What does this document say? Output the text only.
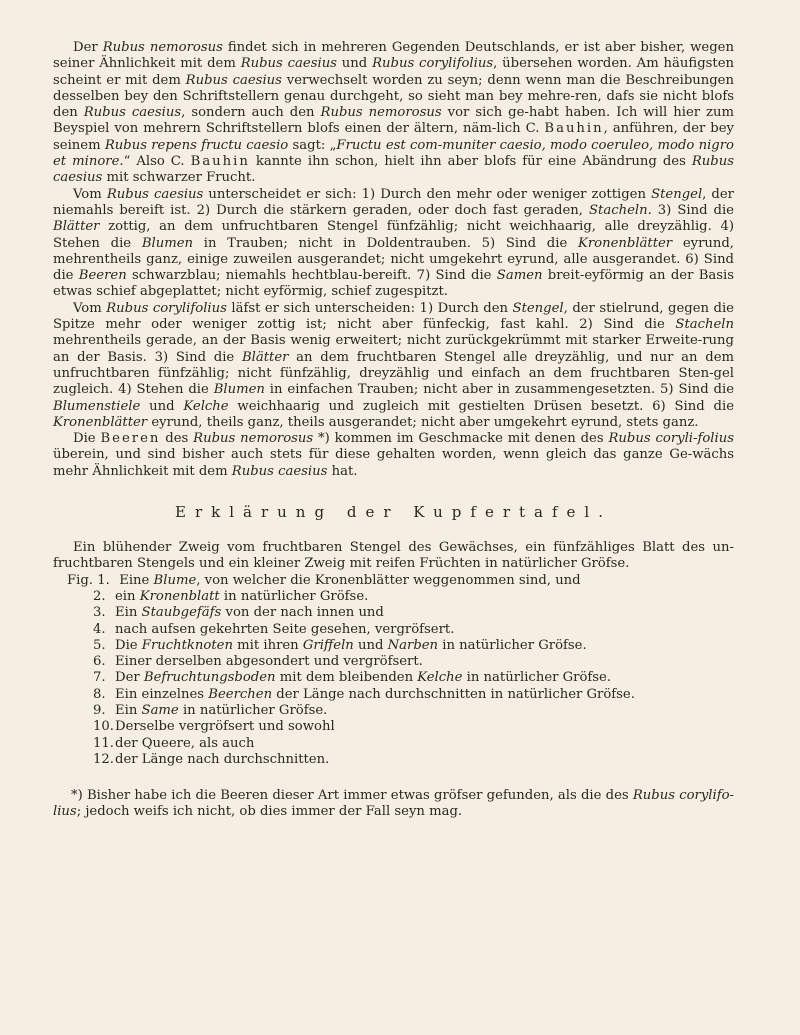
Der Rubus nemorosus findet sich in mehreren Gegenden Deutschlands, er ist aber bisher, wegen seiner Ähnlichkeit mit dem Rubus caesius und Rubus corylifolius, übersehen worden. Am häufigsten scheint er mit dem Rubus caesius verwechselt worden zu seyn; denn wenn man die Beschreibungen desselben bey den Schriftstellern genau durchgeht, so sieht man bey mehre-ren, dafs sie nicht blofs den Rubus caesius, sondern auch den Rubus nemorosus vor sich ge-habt haben. Ich will hier zum Beyspiel von mehrern Schriftstellern blofs einen der ältern, näm-lich C. Bauhin, anführen, der bey seinem Rubus repens fructu caesio sagt: „Fructu est com-muniter caesio, modo coeruleo, modo nigro et minore.“ Also C. Bauhin kannte ihn schon, hielt ihn aber blofs für eine Abändrung des Rubus caesius mit schwarzer Frucht.

Vom Rubus caesius unterscheidet er sich: 1) Durch den mehr oder weniger zottigen Stengel, der niemahls bereift ist. 2) Durch die stärkern geraden, oder doch fast geraden, Stacheln. 3) Sind die Blätter zottig, an dem unfruchtbaren Stengel fünfzählig; nicht weichhaarig, alle dreyzählig. 4) Stehen die Blumen in Trauben; nicht in Doldentrauben. 5) Sind die Kronenblätter eyrund, mehrentheils ganz, einige zuweilen ausgerandet; nicht umgekehrt eyrund, alle ausgerandet. 6) Sind die Beeren schwarzblau; niemahls hechtblau-bereift. 7) Sind die Samen breit-eyförmig an der Basis etwas schief abgeplattet; nicht eyförmig, schief zugespitzt.

Vom Rubus corylifolius läfst er sich unterscheiden: 1) Durch den Stengel, der stielrund, gegen die Spitze mehr oder weniger zottig ist; nicht aber fünfeckig, fast kahl. 2) Sind die Stacheln mehrentheils gerade, an der Basis wenig erweitert; nicht zurückgekrümmt mit starker Erweite-rung an der Basis. 3) Sind die Blätter an dem fruchtbaren Stengel alle dreyzählig, und nur an dem unfruchtbaren fünfzählig; nicht fünfzählig, dreyzählig und einfach an dem fruchtbaren Sten-gel zugleich. 4) Stehen die Blumen in einfachen Trauben; nicht aber in zusammengesetzten. 5) Sind die Blumenstiele und Kelche weichhaarig und zugleich mit gestielten Drüsen besetzt. 6) Sind die Kronenblätter eyrund, theils ganz, theils ausgerandet; nicht aber umgekehrt eyrund, stets ganz.

Die Beeren des Rubus nemorosus *) kommen im Geschmacke mit denen des Rubus coryli-folius überein, und sind bisher auch stets für diese gehalten worden, wenn gleich das ganze Ge-wächs mehr Ähnlichkeit mit dem Rubus caesius hat.

Erklärung der Kupfertafel.

Ein blühender Zweig vom fruchtbaren Stengel des Gewächses, ein fünfzähliges Blatt des un-fruchtbaren Stengels und ein kleiner Zweig mit reifen Früchten in natürlicher Gröfse.

Fig. 1. Eine Blume, von welcher die Kronenblätter weggenommen sind, und
2. ein Kronenblatt in natürlicher Gröfse.
3. Ein Staubgefäfs von der nach innen und
4. nach aufsen gekehrten Seite gesehen, vergröfsert.
5. Die Fruchtknoten mit ihren Griffeln und Narben in natürlicher Gröfse.
6. Einer derselben abgesondert und vergröfsert.
7. Der Befruchtungsboden mit dem bleibenden Kelche in natürlicher Gröfse.
8. Ein einzelnes Beerchen der Länge nach durchschnitten in natürlicher Gröfse.
9. Ein Same in natürlicher Gröfse.
10.Derselbe vergröfsert und sowohl
11.der Queere, als auch
12.der Länge nach durchschnitten.

*) Bisher habe ich die Beeren dieser Art immer etwas gröfser gefunden, als die des Rubus corylifo-lius; jedoch weifs ich nicht, ob dies immer der Fall seyn mag.
